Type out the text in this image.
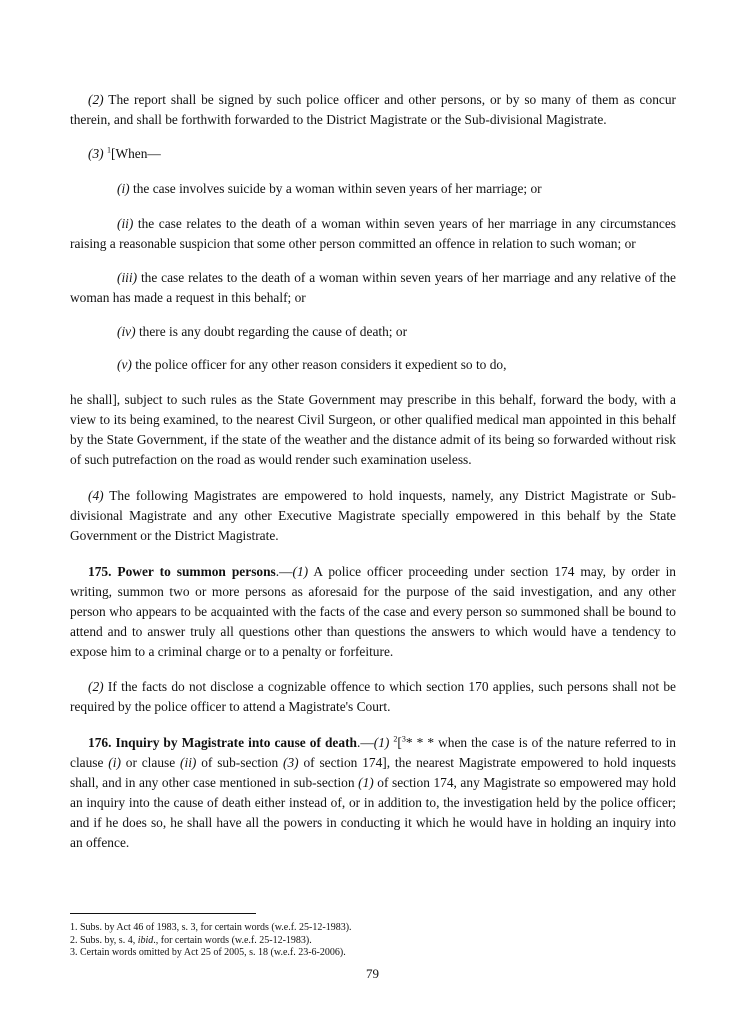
(2) The report shall be signed by such police officer and other persons, or by so many of them as concur therein, and shall be forthwith forwarded to the District Magistrate or the Sub-divisional Magistrate.

(3) $^1$[When—

(i) the case involves suicide by a woman within seven years of her marriage; or

(ii) the case relates to the death of a woman within seven years of her marriage in any circumstances raising a reasonable suspicion that some other person committed an offence in relation to such woman; or

(iii) the case relates to the death of a woman within seven years of her marriage and any relative of the woman has made a request in this behalf; or

(iv) there is any doubt regarding the cause of death; or

(v) the police officer for any other reason considers it expedient so to do,

he shall], subject to such rules as the State Government may prescribe in this behalf, forward the body, with a view to its being examined, to the nearest Civil Surgeon, or other qualified medical man appointed in this behalf by the State Government, if the state of the weather and the distance admit of its being so forwarded without risk of such putrefaction on the road as would render such examination useless.

(4) The following Magistrates are empowered to hold inquests, namely, any District Magistrate or Sub-divisional Magistrate and any other Executive Magistrate specially empowered in this behalf by the State Government or the District Magistrate.

175. Power to summon persons.—(1) A police officer proceeding under section 174 may, by order in writing, summon two or more persons as aforesaid for the purpose of the said investigation, and any other person who appears to be acquainted with the facts of the case and every person so summoned shall be bound to attend and to answer truly all questions other than questions the answers to which would have a tendency to expose him to a criminal charge or to a penalty or forfeiture.

(2) If the facts do not disclose a cognizable offence to which section 170 applies, such persons shall not be required by the police officer to attend a Magistrate's Court.

176. Inquiry by Magistrate into cause of death.—(1) $^2$[$^3$* * * when the case is of the nature referred to in clause (i) or clause (ii) of sub-section (3) of section 174], the nearest Magistrate empowered to hold inquests shall, and in any other case mentioned in sub-section (1) of section 174, any Magistrate so empowered may hold an inquiry into the cause of death either instead of, or in addition to, the investigation held by the police officer; and if he does so, he shall have all the powers in conducting it which he would have in holding an inquiry into an offence.

1. Subs. by Act 46 of 1983, s. 3, for certain words (w.e.f. 25-12-1983).
2. Subs. by, s. 4, ibid., for certain words (w.e.f. 25-12-1983).
3. Certain words omitted by Act 25 of 2005, s. 18 (w.e.f. 23-6-2006).
79
